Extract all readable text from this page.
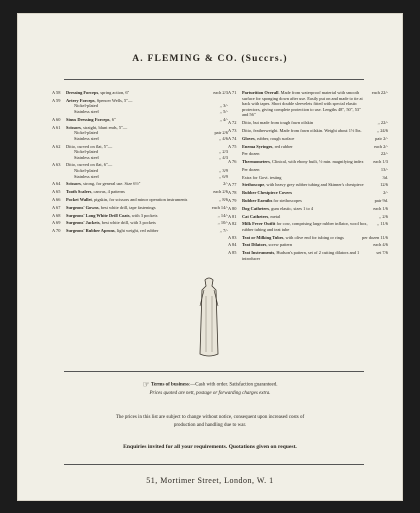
A. FLEMING & CO. (Succrs.)
A 58	Dressing Forceps, spring action, 6"	each 2/3
A 59	Artery Forceps, Spencer Wells, 5"—
Nickel-plated	,, 3/-
Stainless steel	,, 5/-
A 60	Sinus Dressing Forceps, 6"	,, 4/-
A 61	Scissors, straight, blunt ends, 5"—
Nickel-plated	pair 2/6
Stainless steel	,, 4/6
A 62	Ditto, curved on flat, 5"—
Nickel-plated	,, 2/3
Stainless steel	,, 4/3
A 63	Ditto, curved on flat, 6"—
Nickel-plated	,, 3/9
Stainless steel	,, 6/9
A 64	Scissors, strong, for general use. Size 6½"	2/-
A 65	Tooth Scalers, canvas, 4 patterns	each 2/6
A 66	Pocket Wallet, pigskin, for scissors and minor operation instruments	,, 8/6
A 67	Surgeons' Gowns, best white drill, tape fastenings	each 14/-
A 68	Surgeons' Long White Drill Coats, with 3 pockets	,, 14/-
A 69	Surgeons' Jackets, best white drill, with 3 pockets	,, 10/-
A 70	Surgeons' Rubber Aprons, light weight, red rubber	,, 7/-
A 71	Parturition Overall. Made from waterproof material with smooth surface for sponging down after use. Easily put on and made to tie at back with tapes. Short double sleevelets fitted with special elastic protectors, giving complete protection to use. Lengths 48", 50", 53" and 56"
each 22/-
A 72	Ditto, but made from tough fawn oilskin	,, 22/-
A 73	Ditto, featherweight. Made from fawn oilskin. Weight about 1½ lbs.	,, 24/6
A 74	Gloves, rubber, rough surface	pair 2/-
A 75	Enema Syringes, red rubber	each 2/-
Per dozen	22/-
A 76	Thermometers, Clinical, with ebony built, ½ min. magnifying index	each 1/3
Per dozen	13/-
Extra for Govt. testing	3d.
A 77	Stethoscope, with heavy grey rubber tubing and Skinner's chestpiece	12/6
A 78	Rubber Chestpiece Covers	2/-
A 79	Rubber Earnibs for stethoscopes	pair 9d.
A 80	Dog Catheters, gum elastic, sizes 1 to 4	each 1/6
A 81	Cat Catheters, metal	,, 2/6
A 82	Milk Fever Outfit for cow, comprising large rubber inflator, wool box, rubber tubing and teat tube
,, 11/6
A 83	Teat or Milking Tubes, with olive end for tubing or rings	per dozen 11/6
A 84	Teat Dilators, screw pattern	each 4/6
A 85	Teat Instruments, Hudson's pattern, set of 2 cutting dilators and 1 introducer
set 7/6
☞ Terms of business:—Cash with order. Satisfaction guaranteed.
Prices quoted are nett, postage or forwarding charges extra.
The prices in this list are subject to change without notice, consequent upon increased costs of production and handling due to war.
Enquiries invited for all your requirements. Quotations given on request.
51, Mortimer Street, London, W. 1
